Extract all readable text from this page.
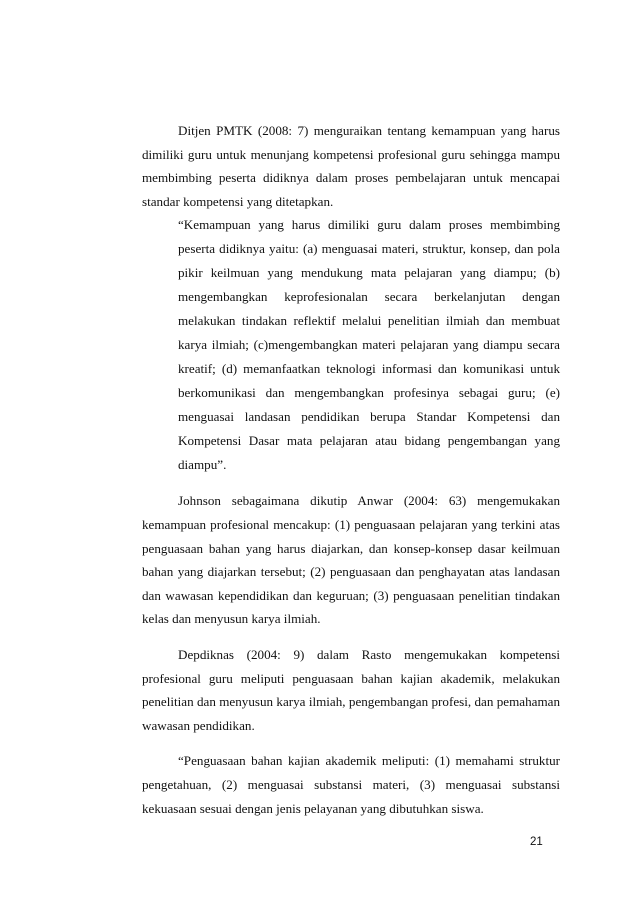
Ditjen PMTK (2008: 7) menguraikan tentang kemampuan yang harus dimiliki guru untuk menunjang kompetensi profesional guru sehingga mampu membimbing peserta didiknya dalam proses pembelajaran untuk mencapai standar kompetensi yang ditetapkan.

“Kemampuan yang harus dimiliki guru dalam proses membimbing peserta didiknya yaitu: (a) menguasai materi, struktur, konsep, dan pola pikir keilmuan yang mendukung mata pelajaran yang diampu; (b) mengembangkan keprofesionalan secara berkelanjutan dengan melakukan tindakan reflektif melalui penelitian ilmiah dan membuat karya ilmiah; (c)mengembangkan materi pelajaran yang diampu secara kreatif; (d) memanfaatkan teknologi informasi dan komunikasi untuk berkomunikasi dan mengembangkan profesinya sebagai guru; (e) menguasai landasan pendidikan berupa Standar Kompetensi dan Kompetensi Dasar mata pelajaran atau bidang pengembangan yang diampu”.

Johnson sebagaimana dikutip Anwar (2004: 63) mengemukakan kemampuan profesional mencakup: (1) penguasaan pelajaran yang terkini atas penguasaan bahan yang harus diajarkan, dan konsep-konsep dasar keilmuan bahan yang diajarkan tersebut; (2) penguasaan dan penghayatan atas landasan dan wawasan kependidikan dan keguruan; (3) penguasaan penelitian tindakan kelas dan menyusun karya ilmiah.

Depdiknas (2004: 9) dalam Rasto mengemukakan kompetensi profesional guru meliputi penguasaan bahan kajian akademik, melakukan penelitian dan menyusun karya ilmiah, pengembangan profesi, dan pemahaman wawasan pendidikan.

“Penguasaan bahan kajian akademik meliputi: (1) memahami struktur pengetahuan, (2) menguasai substansi materi, (3) menguasai substansi kekuasaan sesuai dengan jenis pelayanan yang dibutuhkan siswa.

21
